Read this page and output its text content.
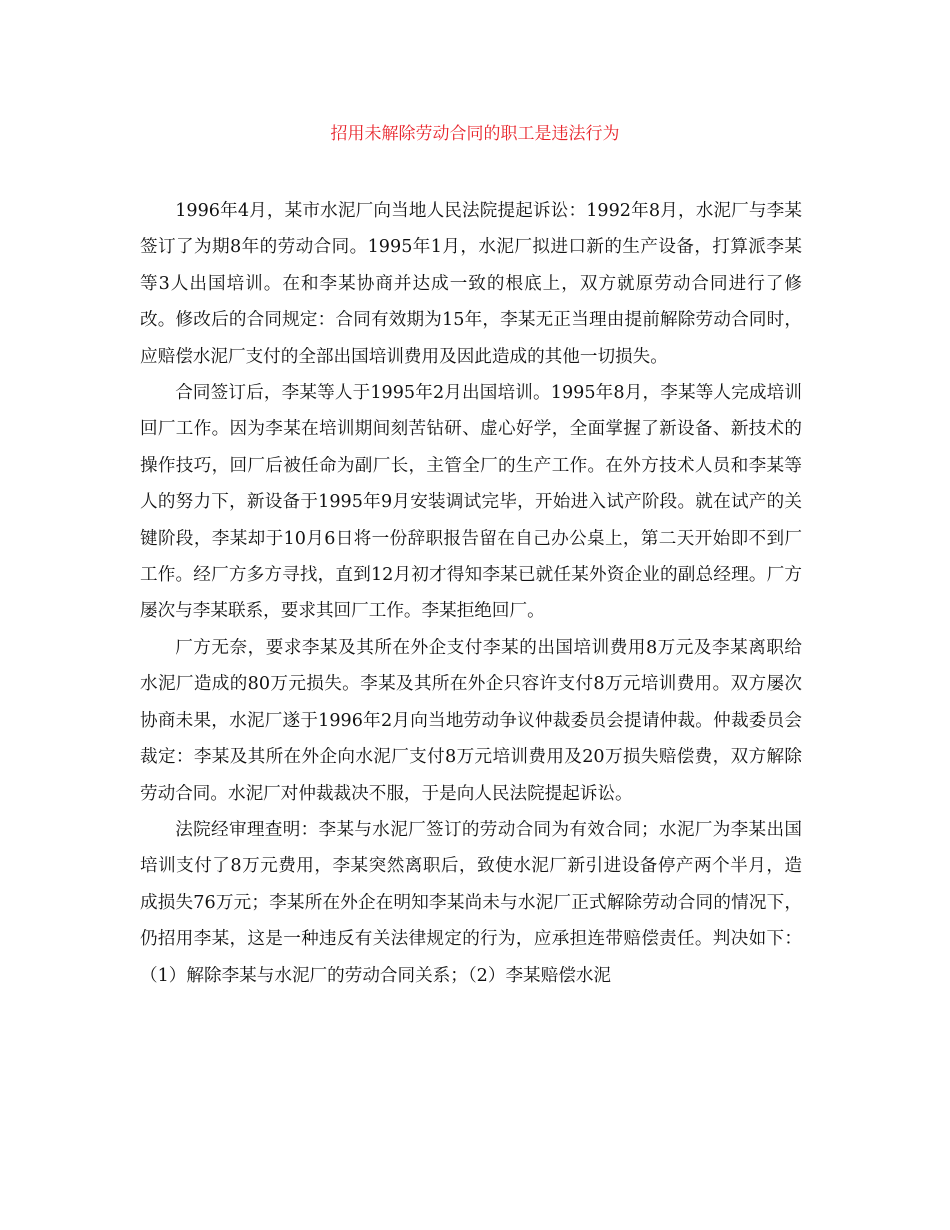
招用未解除劳动合同的职工是违法行为

1996年4月，某市水泥厂向当地人民法院提起诉讼：1992年8月，水泥厂与李某签订了为期8年的劳动合同。1995年1月，水泥厂拟进口新的生产设备，打算派李某等3人出国培训。在和李某协商并达成一致的根底上，双方就原劳动合同进行了修改。修改后的合同规定：合同有效期为15年，李某无正当理由提前解除劳动合同时，应赔偿水泥厂支付的全部出国培训费用及因此造成的其他一切损失。

合同签订后，李某等人于1995年2月出国培训。1995年8月，李某等人完成培训回厂工作。因为李某在培训期间刻苦钻研、虚心好学，全面掌握了新设备、新技术的操作技巧，回厂后被任命为副厂长，主管全厂的生产工作。在外方技术人员和李某等人的努力下，新设备于1995年9月安装调试完毕，开始进入试产阶段。就在试产的关键阶段，李某却于10月6日将一份辞职报告留在自己办公桌上，第二天开始即不到厂工作。经厂方多方寻找，直到12月初才得知李某已就任某外资企业的副总经理。厂方屡次与李某联系，要求其回厂工作。李某拒绝回厂。

厂方无奈，要求李某及其所在外企支付李某的出国培训费用8万元及李某离职给水泥厂造成的80万元损失。李某及其所在外企只容许支付8万元培训费用。双方屡次协商未果，水泥厂遂于1996年2月向当地劳动争议仲裁委员会提请仲裁。仲裁委员会裁定：李某及其所在外企向水泥厂支付8万元培训费用及20万损失赔偿费，双方解除劳动合同。水泥厂对仲裁裁决不服，于是向人民法院提起诉讼。

法院经审理查明：李某与水泥厂签订的劳动合同为有效合同；水泥厂为李某出国培训支付了8万元费用，李某突然离职后，致使水泥厂新引进设备停产两个半月，造成损失76万元；李某所在外企在明知李某尚未与水泥厂正式解除劳动合同的情况下，仍招用李某，这是一种违反有关法律规定的行为，应承担连带赔偿责任。判决如下：（1）解除李某与水泥厂的劳动合同关系；（2）李某赔偿水泥
